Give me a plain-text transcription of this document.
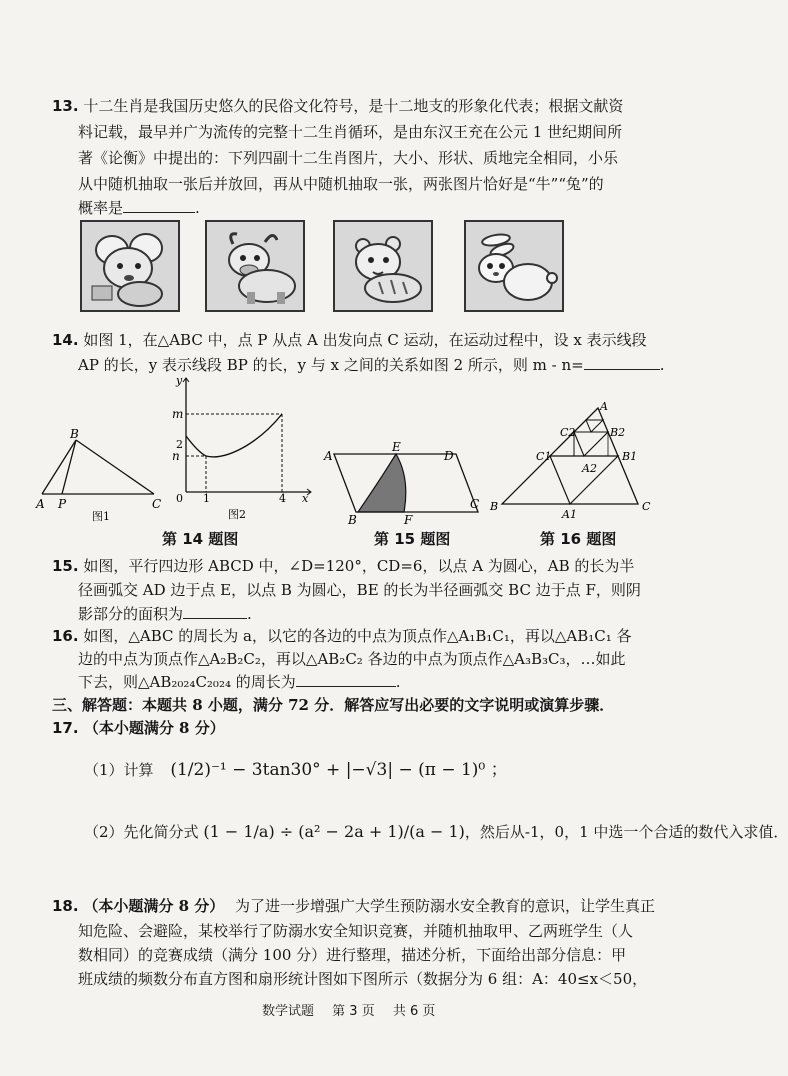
13. 十二生肖是我国历史悠久的民俗文化符号，是十二地支的形象化代表；根据文献资
料记载，最早并广为流传的完整十二生肖循环，是由东汉王充在公元 1 世纪期间所
著《论衡》中提出的：下列四副十二生肖图片，大小、形状、质地完全相同，小乐
从中随机抽取一张后并放回，再从中随机抽取一张，两张图片恰好是“牛”“兔”的
概率是	.
14. 如图 1，在△ABC 中，点 P 从点 A 出发向点 C 运动，在运动过程中，设 x 表示线段
AP 的长，y 表示线段 BP 的长，y 与 x 之间的关系如图 2 所示，则 m - n=	.
B
A P	C
图1
y
m
2
n
0 1	4 x
图2
A
E
D
B	F
C
A
C2	B2
C1
A2
B1
B
A1
C
第 14 题图	第 15 题图	第 16 题图
15. 如图，平行四边形 ABCD 中，∠D=120°，CD=6，以点 A 为圆心，AB 的长为半
径画弧交 AD 边于点 E，以点 B 为圆心，BE 的长为半径画弧交 BC 边于点 F，则阴
影部分的面积为	.
16. 如图，△ABC 的周长为 a，以它的各边的中点为顶点作△A₁B₁C₁，再以△AB₁C₁ 各
边的中点为顶点作△A₂B₂C₂，再以△AB₂C₂ 各边的中点为顶点作△A₃B₃C₃，…如此
下去，则△AB₂₀₂₄C₂₀₂₄ 的周长为	.
三、解答题：本题共 8 小题，满分 72 分．解答应写出必要的文字说明或演算步骤．
17. （本小题满分 8 分）
（1）计算 (1/2)⁻¹ − 3tan30° + |−√3| − (π − 1)⁰ ；
（2）先化简分式 (1 − 1/a) ÷ (a² − 2a + 1)/(a − 1)，然后从-1，0，1 中选一个合适的数代入求值．
18. （本小题满分 8 分） 为了进一步增强广大学生预防溺水安全教育的意识，让学生真正
知危险、会避险，某校举行了防溺水安全知识竞赛，并随机抽取甲、乙两班学生（人
数相同）的竞赛成绩（满分 100 分）进行整理，描述分析，下面给出部分信息：甲
班成绩的频数分布直方图和扇形统计图如下图所示（数据分为 6 组：A：40≤x＜50，
数学试题 第 3 页 共 6 页
